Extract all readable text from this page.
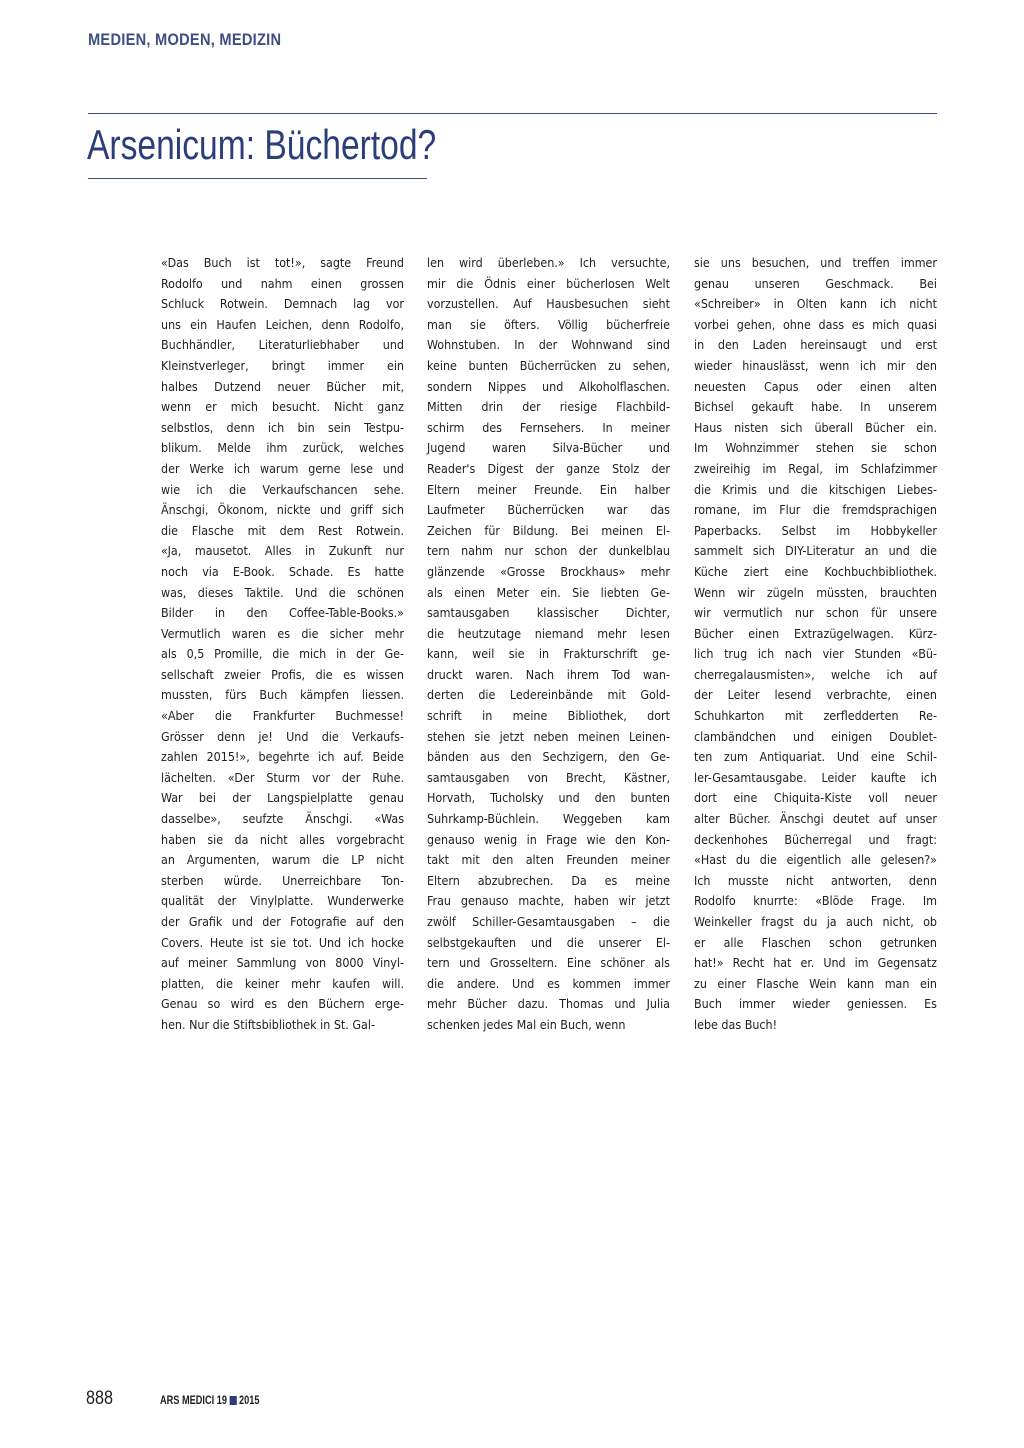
MEDIEN, MODEN, MEDIZIN
Arsenicum: Büchertod?
«Das Buch ist tot!», sagte Freund
Rodolfo und nahm einen grossen
Schluck Rotwein. Demnach lag vor
uns ein Haufen Leichen, denn Rodolfo,
Buchhändler, Literaturliebhaber und
Kleinstverleger, bringt immer ein
halbes Dutzend neuer Bücher mit,
wenn er mich besucht. Nicht ganz
selbstlos, denn ich bin sein Testpu-
blikum. Melde ihm zurück, welches
der Werke ich warum gerne lese und
wie ich die Verkaufschancen sehe.
Änschgi, Ökonom, nickte und griff sich
die Flasche mit dem Rest Rotwein.
«Ja, mausetot. Alles in Zukunft nur
noch via E-Book. Schade. Es hatte
was, dieses Taktile. Und die schönen
Bilder in den Coffee-Table-Books.»
Vermutlich waren es die sicher mehr
als 0,5 Promille, die mich in der Ge-
sellschaft zweier Profis, die es wissen
mussten, fürs Buch kämpfen liessen.
«Aber die Frankfurter Buchmesse!
Grösser denn je! Und die Verkaufs-
zahlen 2015!», begehrte ich auf. Beide
lächelten. «Der Sturm vor der Ruhe.
War bei der Langspielplatte genau
dasselbe», seufzte Änschgi. «Was
haben sie da nicht alles vorgebracht
an Argumenten, warum die LP nicht
sterben würde. Unerreichbare Ton-
qualität der Vinylplatte. Wunderwerke
der Grafik und der Fotografie auf den
Covers. Heute ist sie tot. Und ich hocke
auf meiner Sammlung von 8000 Vinyl-
platten, die keiner mehr kaufen will.
Genau so wird es den Büchern erge-
hen. Nur die Stiftsbibliothek in St. Gal-
len wird überleben.» Ich versuchte,
mir die Ödnis einer bücherlosen Welt
vorzustellen. Auf Hausbesuchen sieht
man sie öfters. Völlig bücherfreie
Wohnstuben. In der Wohnwand sind
keine bunten Bücherrücken zu sehen,
sondern Nippes und Alkoholflaschen.
Mitten drin der riesige Flachbild-
schirm des Fernsehers. In meiner
Jugend waren Silva-Bücher und
Reader's Digest der ganze Stolz der
Eltern meiner Freunde. Ein halber
Laufmeter Bücherrücken war das
Zeichen für Bildung. Bei meinen El-
tern nahm nur schon der dunkelblau
glänzende «Grosse Brockhaus» mehr
als einen Meter ein. Sie liebten Ge-
samtausgaben klassischer Dichter,
die heutzutage niemand mehr lesen
kann, weil sie in Frakturschrift ge-
druckt waren. Nach ihrem Tod wan-
derten die Ledereinbände mit Gold-
schrift in meine Bibliothek, dort
stehen sie jetzt neben meinen Leinen-
bänden aus den Sechzigern, den Ge-
samtausgaben von Brecht, Kästner,
Horvath, Tucholsky und den bunten
Suhrkamp-Büchlein. Weggeben kam
genauso wenig in Frage wie den Kon-
takt mit den alten Freunden meiner
Eltern abzubrechen. Da es meine
Frau genauso machte, haben wir jetzt
zwölf Schiller-Gesamtausgaben – die
selbstgekauften und die unserer El-
tern und Grosseltern. Eine schöner als
die andere. Und es kommen immer
mehr Bücher dazu. Thomas und Julia
schenken jedes Mal ein Buch, wenn
sie uns besuchen, und treffen immer
genau unseren Geschmack. Bei
«Schreiber» in Olten kann ich nicht
vorbei gehen, ohne dass es mich quasi
in den Laden hereinsaugt und erst
wieder hinauslässt, wenn ich mir den
neuesten Capus oder einen alten
Bichsel gekauft habe. In unserem
Haus nisten sich überall Bücher ein.
Im Wohnzimmer stehen sie schon
zweireihig im Regal, im Schlafzimmer
die Krimis und die kitschigen Liebes-
romane, im Flur die fremdsprachigen
Paperbacks. Selbst im Hobbykeller
sammelt sich DIY-Literatur an und die
Küche ziert eine Kochbuchbibliothek.
Wenn wir zügeln müssten, brauchten
wir vermutlich nur schon für unsere
Bücher einen Extrazügelwagen. Kürz-
lich trug ich nach vier Stunden «Bü-
cherregalausmisten», welche ich auf
der Leiter lesend verbrachte, einen
Schuhkarton mit zerfledderten Re-
clambändchen und einigen Doublet-
ten zum Antiquariat. Und eine Schil-
ler-Gesamtausgabe. Leider kaufte ich
dort eine Chiquita-Kiste voll neuer
alter Bücher. Änschgi deutet auf unser
deckenhohes Bücherregal und fragt:
«Hast du die eigentlich alle gelesen?»
Ich musste nicht antworten, denn
Rodolfo knurrte: «Blöde Frage. Im
Weinkeller fragst du ja auch nicht, ob
er alle Flaschen schon getrunken
hat!» Recht hat er. Und im Gegensatz
zu einer Flasche Wein kann man ein
Buch immer wieder geniessen. Es
lebe das Buch!
888	ARS MEDICI 19 2015
